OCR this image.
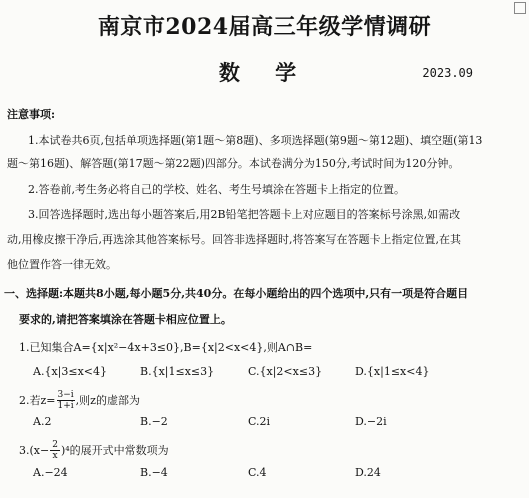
南京市2024届高三年级学情调研
数 学	2023.09
注意事项:
1.本试卷共6页,包括单项选择题(第1题～第8题)、多项选择题(第9题～第12题)、填空题(第13
题～第16题)、解答题(第17题～第22题)四部分。本试卷满分为150分,考试时间为120分钟。
2.答卷前,考生务必将自己的学校、姓名、考生号填涂在答题卡上指定的位置。
3.回答选择题时,选出每小题答案后,用2B铅笔把答题卡上对应题目的答案标号涂黑,如需改
动,用橡皮擦干净后,再选涂其他答案标号。回答非选择题时,将答案写在答题卡上指定位置,在其
他位置作答一律无效。
一、选择题:本题共8小题,每小题5分,共40分。在每小题给出的四个选项中,只有一项是符合题目
要求的,请把答案填涂在答题卡相应位置上。
1.已知集合A={x|x²−4x+3≤0},B={x|2<x<4},则A∩B=
A.{x|3≤x<4}	B.{x|1≤x≤3}	C.{x|2<x≤3}	D.{x|1≤x<4}
2.若$z= \frac{3-i}{1+i}$ ,则z的虚部为
A.2	B.−2	C.2i	D.−2i
$3.(x- \frac{2}{x} )^4$的展开式中常数项为
A.−24	B.−4	C.4	D.24
